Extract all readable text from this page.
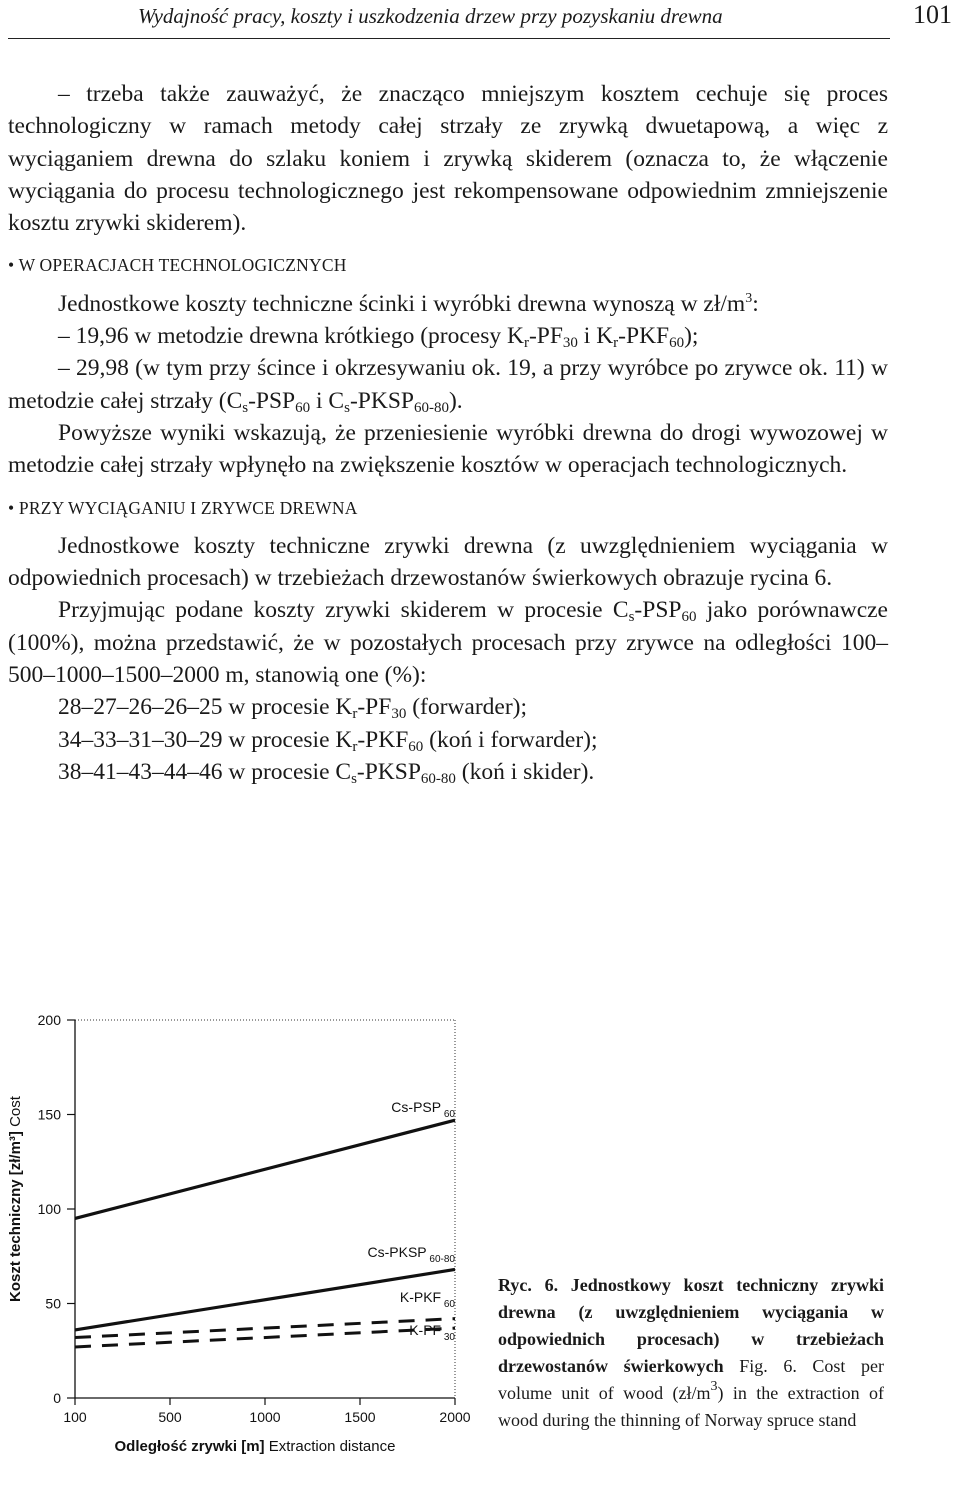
Wydajność pracy, koszty i uszkodzenia drzew przy pozyskaniu drewna	101

– trzeba także zauważyć, że znacząco mniejszym kosztem cechuje się proces technologiczny w ramach metody całej strzały ze zrywką dwuetapową, a więc z wyciąganiem drewna do szlaku koniem i zrywką skiderem (oznacza to, że włączenie wyciągania do procesu technologicznego jest rekompensowane odpowiednim zmniejszenie kosztu zrywki skiderem).

• W OPERACJACH TECHNOLOGICZNYCH

Jednostkowe koszty techniczne ścinki i wyróbki drewna wynoszą w $zł/m^3$:

– 19,96 w metodzie drewna krótkiego (procesy $K_r-PF_{30}$ i $K_r-PKF_{60}$);

– 29,98 (w tym przy ścince i okrzesywaniu ok. 19, a przy wyróbce po zrywce ok. 11) w metodzie całej strzały ($C_s-PSP_{60}$ i $C_s-PKSP_{60-80}$).

Powyższe wyniki wskazują, że przeniesienie wyróbki drewna do drogi wywozowej w metodzie całej strzały wpłynęło na zwiększenie kosztów w operacjach technologicznych.

• PRZY WYCIĄGANIU I ZRYWCE DREWNA

Jednostkowe koszty techniczne zrywki drewna (z uwzględnieniem wyciągania w odpowiednich procesach) w trzebieżach drzewostanów świerkowych obrazuje rycina 6.

Przyjmując podane koszty zrywki skiderem w procesie $C_s-PSP_{60}$ jako porównawcze (100%), można przedstawić, że w pozostałych procesach przy zrywce na odległości 100–500–1000–1500–2000 m, stanowią one (%):

28–27–26–26–25 w procesie $K_r-PF_{30}$ (forwarder);

34–33–31–30–29 w procesie $K_r-PKF_{60}$ (koń i forwarder);

38–41–43–44–46 w procesie $C_s-PKSP_{60-80}$ (koń i skider).

0
50
100
150
200
100	500	1000	1500	2000
Odległość zrywki [m] Extraction distance
Koszt techniczny [zł/m³] Cost	Cs-PSP $_{60}$
Cs-PKSP $_{60-80}$
K-PKF $_{60}$
K-PF $_{30}$
Ryc. 6. Jednostkowy koszt techniczny zrywki drewna (z uwzględnieniem wyciągania w odpowiednich procesach) w trzebieżach drzewostanów świerkowych Fig. 6. Cost per volume unit of wood $(zł/m^3)$ in the extraction of wood during the thinning of Norway spruce stand
